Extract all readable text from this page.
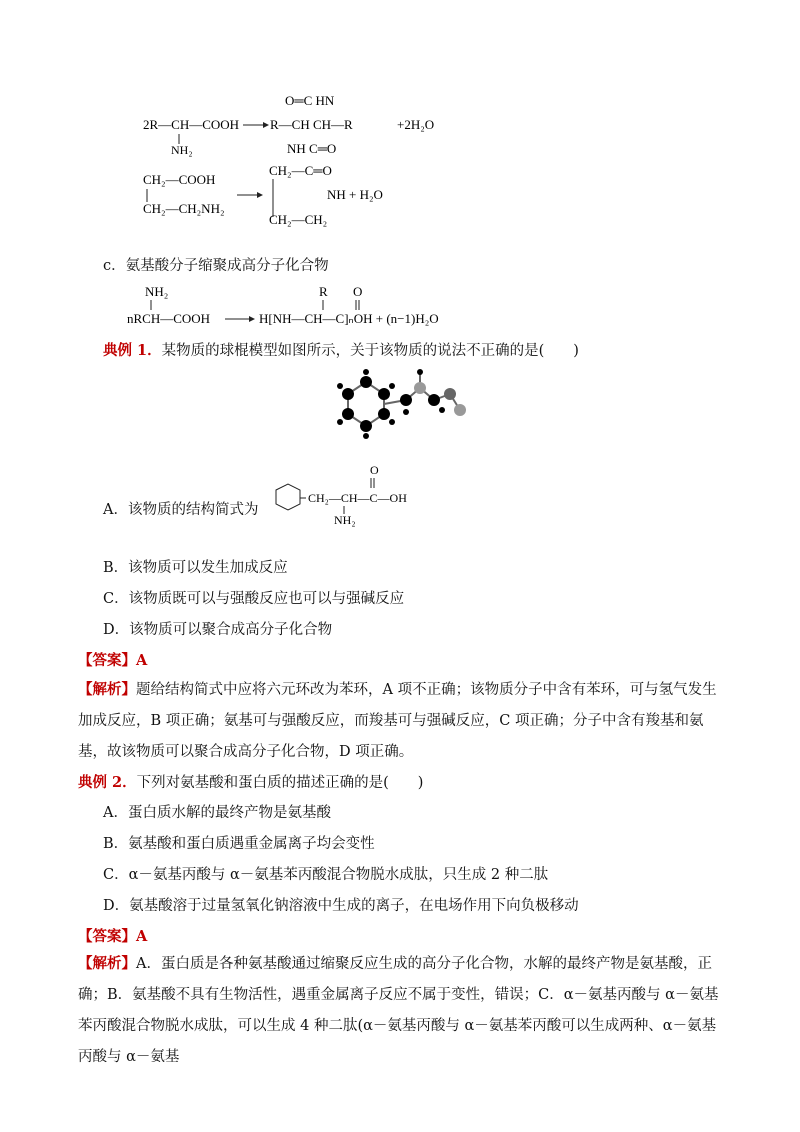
2R—CH—COOH
NH₂
O═C HN
R—CH CH—R
NH C═O
+2H₂O
CH₂—COOH
CH₂—CH₂NH₂
CH₂—C═O
NH + H₂O
CH₂—CH₂
c．氨基酸分子缩聚成高分子化合物
NH₂
nRCH—COOH
R O
H[NH—CH—C]ₙOH + (n−1)H₂O
典例 1．某物质的球棍模型如图所示，关于该物质的说法不正确的是(　　)
A．该物质的结构简式为
O
CH₂—CH—C—OH
NH₂
B．该物质可以发生加成反应
C．该物质既可以与强酸反应也可以与强碱反应
D．该物质可以聚合成高分子化合物
【答案】A
【解析】题给结构简式中应将六元环改为苯环，A 项不正确；该物质分子中含有苯环，可与氢气发生加成反应，B 项正确；氨基可与强酸反应，而羧基可与强碱反应，C 项正确；分子中含有羧基和氨基，故该物质可以聚合成高分子化合物，D 项正确。
典例 2．下列对氨基酸和蛋白质的描述正确的是(　　)
A．蛋白质水解的最终产物是氨基酸
B．氨基酸和蛋白质遇重金属离子均会变性
C．α－氨基丙酸与 α－氨基苯丙酸混合物脱水成肽，只生成 2 种二肽
D．氨基酸溶于过量氢氧化钠溶液中生成的离子，在电场作用下向负极移动
【答案】A
【解析】A．蛋白质是各种氨基酸通过缩聚反应生成的高分子化合物，水解的最终产物是氨基酸，正确；B．氨基酸不具有生物活性，遇重金属离子反应不属于变性，错误；C．α－氨基丙酸与 α－氨基苯丙酸混合物脱水成肽，可以生成 4 种二肽(α－氨基丙酸与 α－氨基苯丙酸可以生成两种、α－氨基丙酸与 α－氨基
